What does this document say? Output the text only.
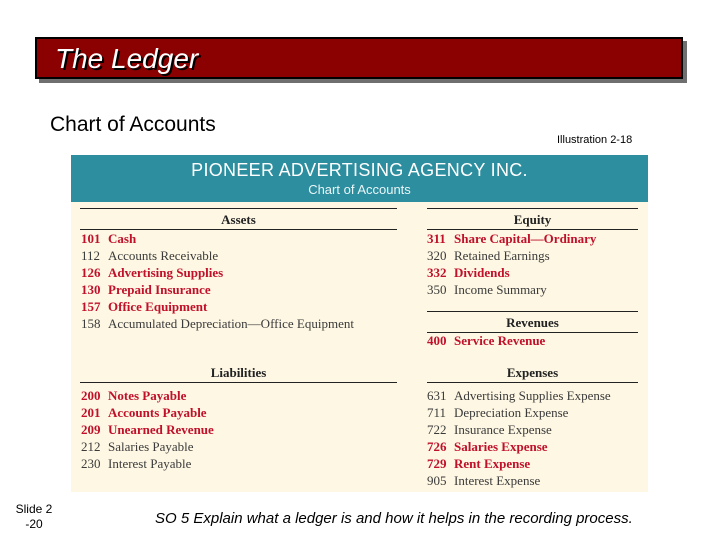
The Ledger
Chart of Accounts
Illustration 2-18
PIONEER ADVERTISING AGENCY INC.
Chart of Accounts
Assets
101 Cash
112 Accounts Receivable
126 Advertising Supplies
130 Prepaid Insurance
157 Office Equipment
158 Accumulated Depreciation—Office Equipment
Liabilities
200 Notes Payable
201 Accounts Payable
209 Unearned Revenue
212 Salaries Payable
230 Interest Payable
Equity
311 Share Capital—Ordinary
320 Retained Earnings
332 Dividends
350 Income Summary
Revenues
400 Service Revenue
Expenses
631 Advertising Supplies Expense
711 Depreciation Expense
722 Insurance Expense
726 Salaries Expense
729 Rent Expense
905 Interest Expense
Slide 2
-20	SO 5 Explain what a ledger is and how it helps in the recording process.
